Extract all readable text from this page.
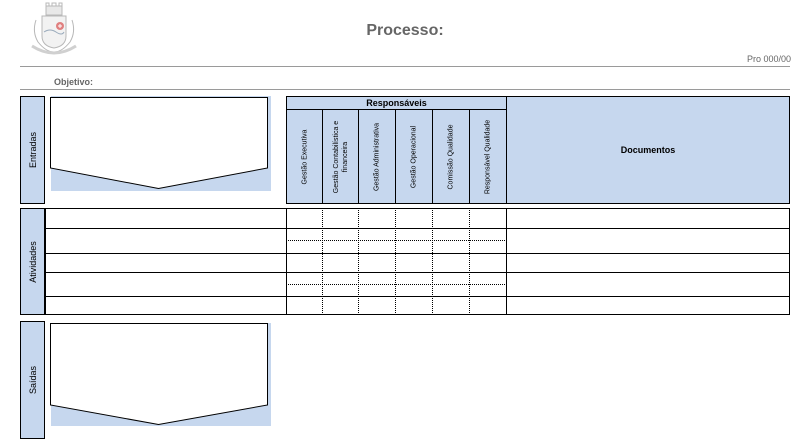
Processo:
Pro 000/00
Objetivo:
Entradas
Responsáveis
Gestão Executiva	Gestão Contabilística e financeira	Gestão Administrativa	Gestão Operacional	Comissão Qualidade	Responsável Qualidade	Documentos
Atividades
Saídas
